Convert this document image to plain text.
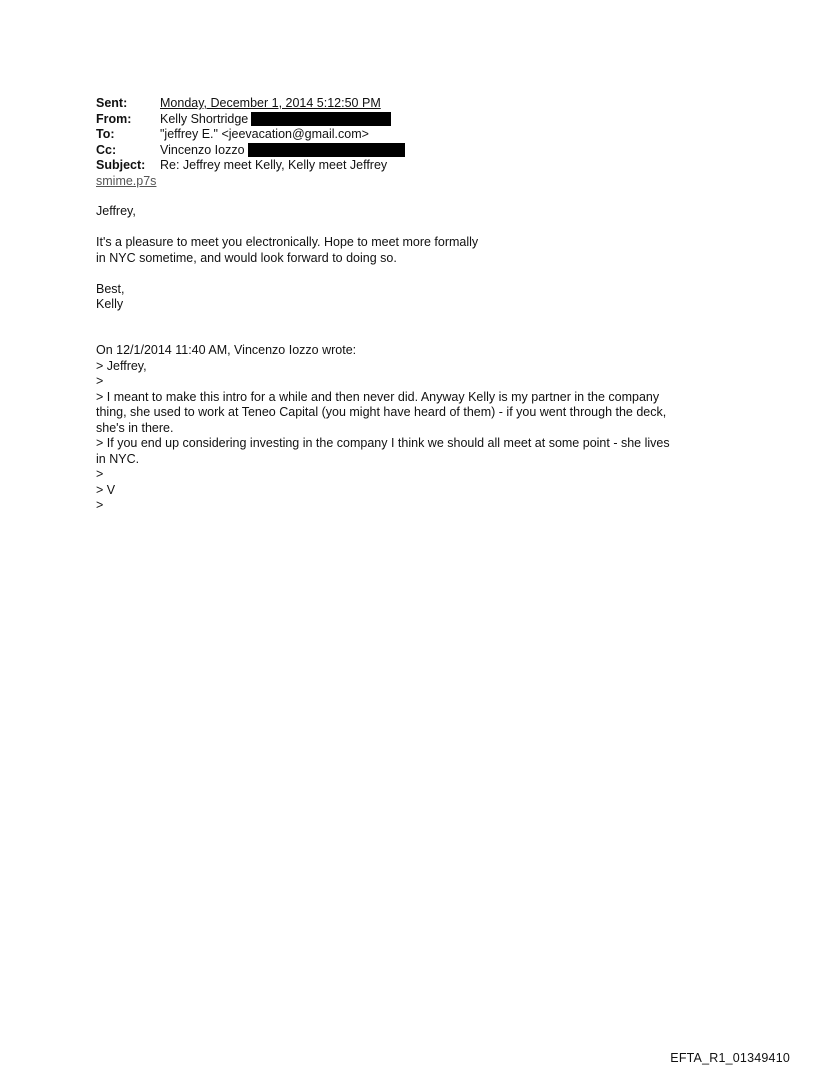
Sent:	Monday, December 1, 2014 5:12:50 PM
From:	Kelly Shortridge
To:	"jeffrey E." <jeevacation@gmail.com>
Cc:	Vincenzo Iozzo
Subject:	Re: Jeffrey meet Kelly, Kelly meet Jeffrey
smime.p7s
Jeffrey,
It's a pleasure to meet you electronically. Hope to meet more formally
in NYC sometime, and would look forward to doing so.
Best,
Kelly
On 12/1/2014 11:40 AM, Vincenzo Iozzo wrote:
> Jeffrey,
>
> I meant to make this intro for a while and then never did. Anyway Kelly is my partner in the company
thing, she used to work at Teneo Capital (you might have heard of them) - if you went through the deck,
she's in there.
> If you end up considering investing in the company I think we should all meet at some point - she lives
in NYC.
>
> V
>
EFTA_R1_01349410
